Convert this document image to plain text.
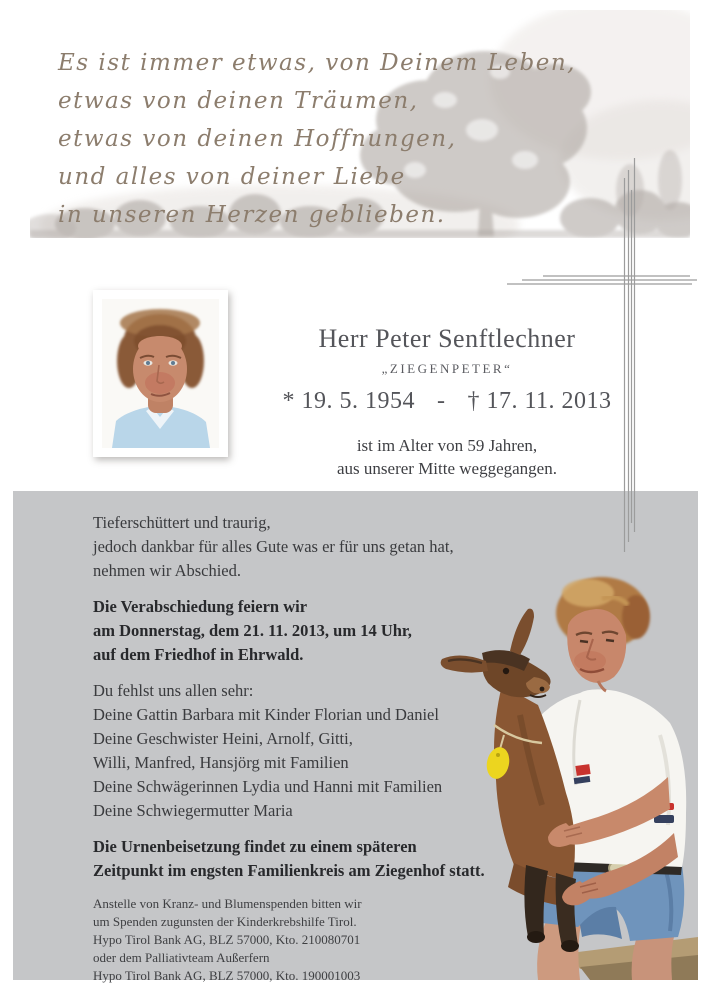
Es ist immer etwas, von Deinem Leben,
etwas von deinen Träumen,
etwas von deinen Hoffnungen,
und alles von deiner Liebe
in unseren Herzen geblieben.
Herr Peter Senftlechner
„ZIEGENPETER“
* 19. 5. 1954 - † 17. 11. 2013
ist im Alter von 59 Jahren,
aus unserer Mitte weggegangen.
Tieferschüttert und traurig,
jedoch dankbar für alles Gute was er für uns getan hat,
nehmen wir Abschied.
Die Verabschiedung feiern wir
am Donnerstag, dem 21. 11. 2013, um 14 Uhr,
auf dem Friedhof in Ehrwald.
Du fehlst uns allen sehr:
Deine Gattin Barbara mit Kinder Florian und Daniel
Deine Geschwister Heini, Arnolf, Gitti,
Willi, Manfred, Hansjörg mit Familien
Deine Schwägerinnen Lydia und Hanni mit Familien
Deine Schwiegermutter Maria
Die Urnenbeisetzung findet zu einem späteren
Zeitpunkt im engsten Familienkreis am Ziegenhof statt.
Anstelle von Kranz- und Blumenspenden bitten wir
um Spenden zugunsten der Kinderkrebshilfe Tirol.
Hypo Tirol Bank AG, BLZ 57000, Kto. 210080701
oder dem Palliativteam Außerfern
Hypo Tirol Bank AG, BLZ 57000, Kto. 190001003
